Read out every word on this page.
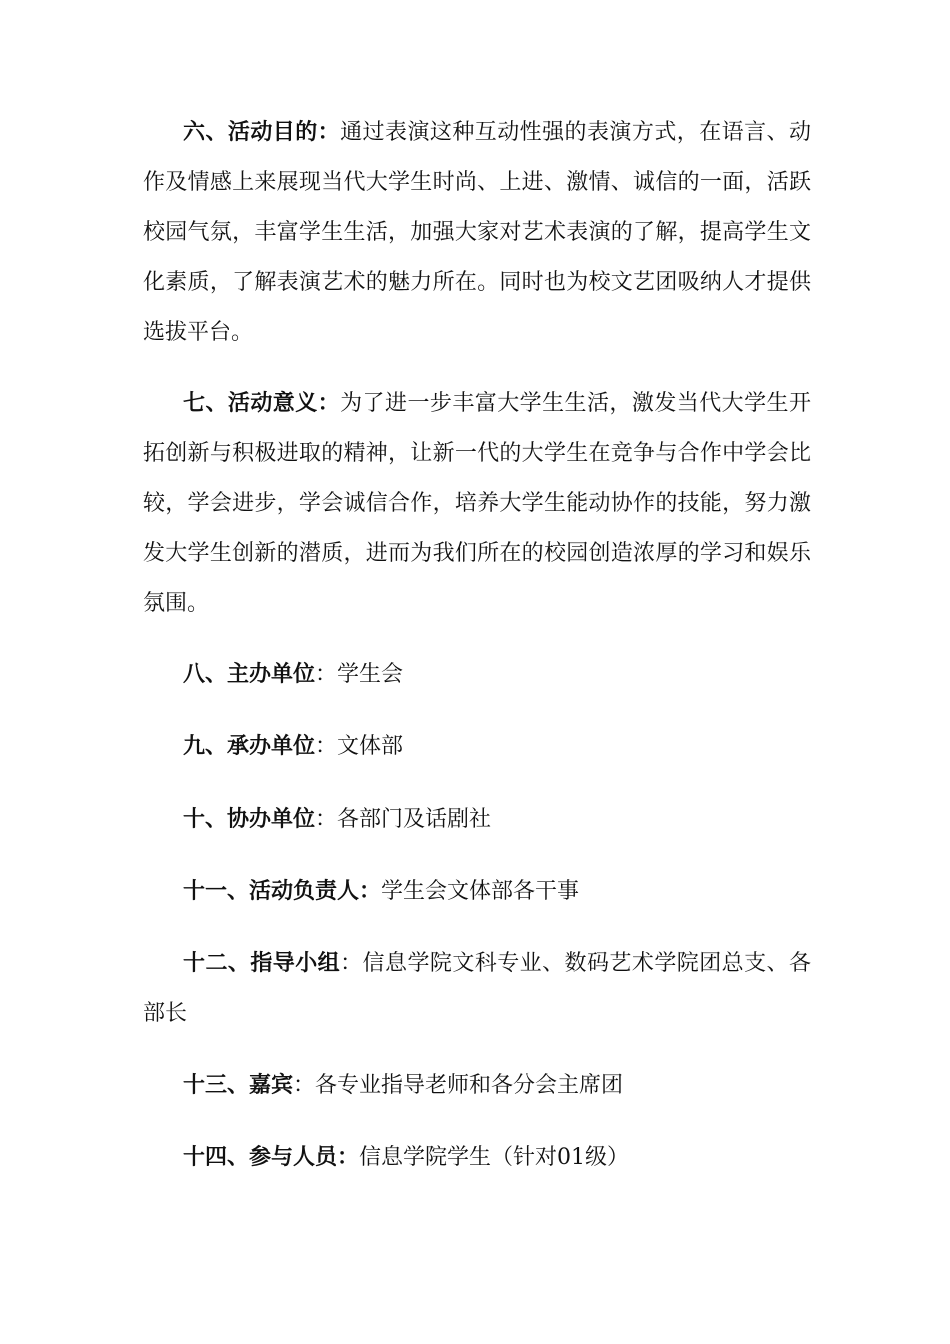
六、活动目的：通过表演这种互动性强的表演方式，在语言、动作及情感上来展现当代大学生时尚、上进、激情、诚信的一面，活跃校园气氛，丰富学生生活，加强大家对艺术表演的了解，提高学生文化素质，了解表演艺术的魅力所在。同时也为校文艺团吸纳人才提供选拔平台。

七、活动意义：为了进一步丰富大学生生活，激发当代大学生开拓创新与积极进取的精神，让新一代的大学生在竞争与合作中学会比较，学会进步，学会诚信合作，培养大学生能动协作的技能，努力激发大学生创新的潜质，进而为我们所在的校园创造浓厚的学习和娱乐氛围。

八、主办单位：学生会

九、承办单位：文体部

十、协办单位：各部门及话剧社

十一、活动负责人：学生会文体部各干事

十二、指导小组：信息学院文科专业、数码艺术学院团总支、各部长

十三、嘉宾：各专业指导老师和各分会主席团

十四、参与人员：信息学院学生（针对01级）
